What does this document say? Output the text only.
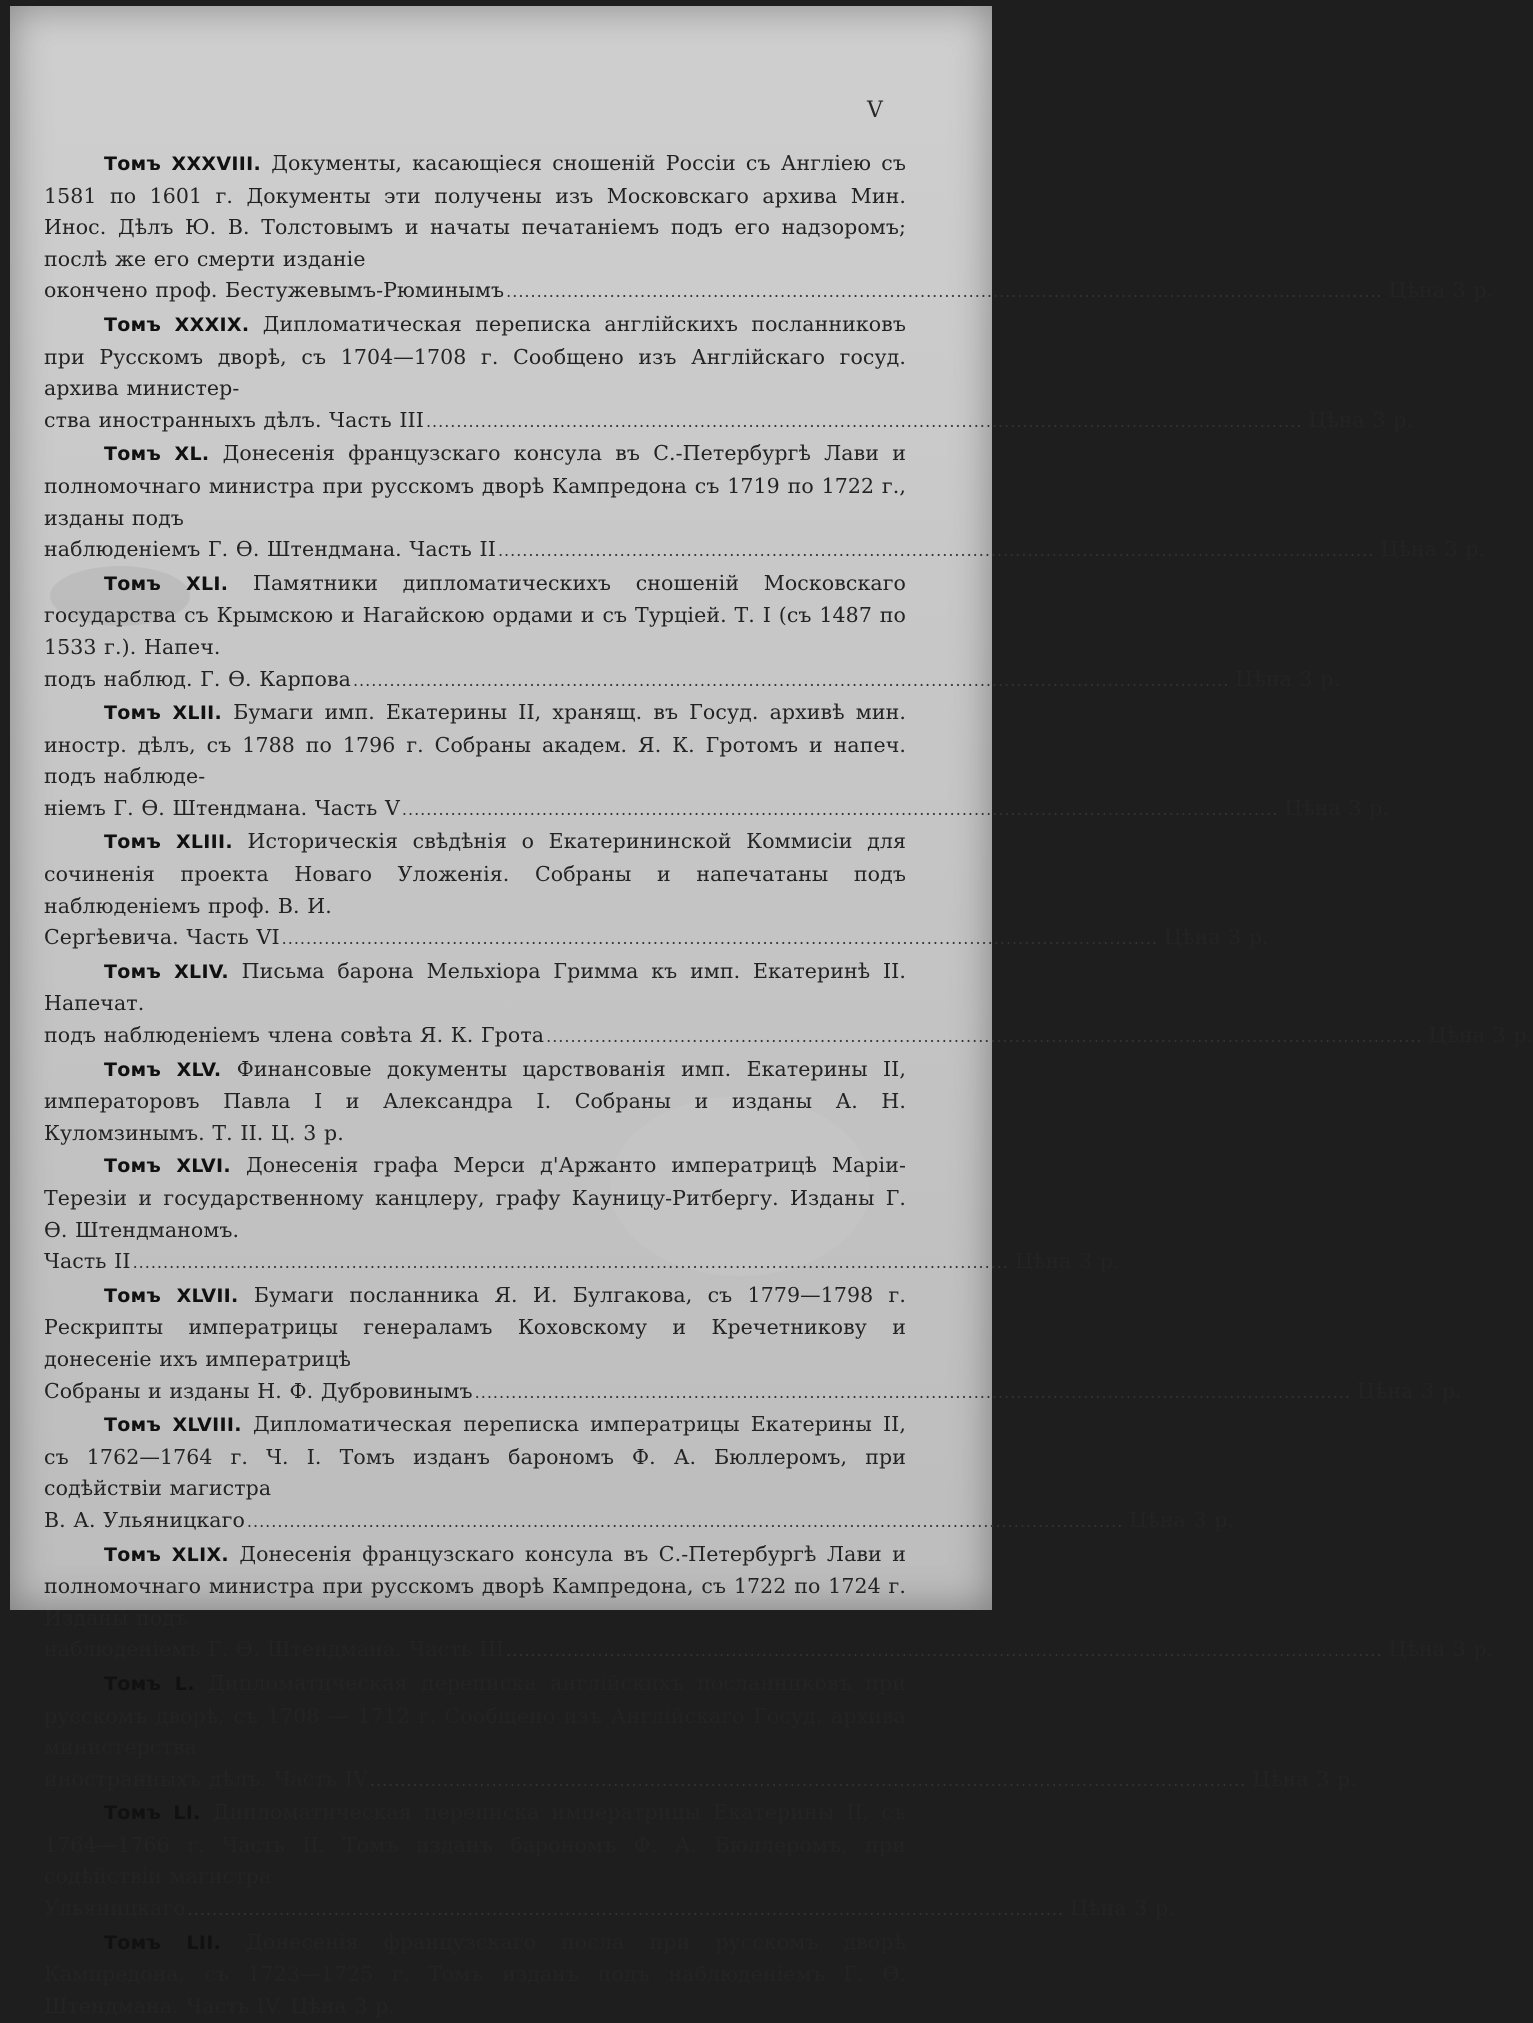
V
Томъ XXXVIII. Документы, касающіеся сношеній Россіи съ Англіею съ 1581 по 1601 г. Документы эти получены изъ Московскаго архива Мин. Инос. Дѣлъ Ю. В. Толстовымъ и начаты печатаніемъ подъ его надзоромъ; послѣ же его смерти изданіе
окончено проф. Бестужевымъ-Рюминымъ ................................................................................................................................................ Цѣна 3 р.
Томъ XXXIX. Дипломатическая переписка англійскихъ посланниковъ при Русскомъ дворѣ, съ 1704—1708 г. Сообщено изъ Англійскаго госуд. архива министер-
ства иностранныхъ дѣлъ. Часть III ................................................................................................................................................ Цѣна 3 р.
Томъ XL. Донесенія французскаго консула въ С.-Петербургѣ Лави и полномочнаго министра при русскомъ дворѣ Кампредона съ 1719 по 1722 г., изданы подъ
наблюденіемъ Г. Ѳ. Штендмана. Часть II ................................................................................................................................................ Цѣна 3 р.
Томъ XLI. Памятники дипломатическихъ сношеній Московскаго государства съ Крымскою и Нагайскою ордами и съ Турціей. Т. I (съ 1487 по 1533 г.). Напеч.
подъ наблюд. Г. Ѳ. Карпова ................................................................................................................................................ Цѣна 3 р.
Томъ XLII. Бумаги имп. Екатерины II, хранящ. въ Госуд. архивѣ мин. иностр. дѣлъ, съ 1788 по 1796 г. Собраны академ. Я. К. Гротомъ и напеч. подъ наблюде-
ніемъ Г. Ѳ. Штендмана. Часть V ................................................................................................................................................ Цѣна 3 р.
Томъ XLIII. Историческія свѣдѣнія о Екатерининской Коммисіи для сочиненія проекта Новаго Уложенія. Собраны и напечатаны подъ наблюденіемъ проф. В. И.
Сергѣевича. Часть VI ................................................................................................................................................ Цѣна 3 р.
Томъ XLIV. Письма барона Мельхіора Гримма къ имп. Екатеринѣ II. Напечат.
подъ наблюденіемъ члена совѣта Я. К. Грота ................................................................................................................................................ Цѣна 3 р.
Томъ XLV. Финансовые документы царствованія имп. Екатерины II, императоровъ Павла I и Александра I. Собраны и изданы А. Н. Куломзинымъ. Т. II. Ц. 3 р.
Томъ XLVI. Донесенія графа Мерси д'Аржанто императрицѣ Маріи-Терезіи и государственному канцлеру, графу Кауницу-Ритбергу. Изданы Г. Ѳ. Штендманомъ.
Часть II ................................................................................................................................................ Цѣна 3 р.
Томъ XLVII. Бумаги посланника Я. И. Булгакова, съ 1779—1798 г. Рескрипты императрицы генераламъ Коховскому и Кречетникову и донесеніе ихъ императрицѣ
Собраны и изданы Н. Ф. Дубровинымъ ................................................................................................................................................ Цѣна 3 р.
Томъ XLVIII. Дипломатическая переписка императрицы Екатерины II, съ 1762—1764 г. Ч. I. Томъ изданъ барономъ Ф. А. Бюллеромъ, при содѣйствіи магистра
В. А. Ульяницкаго ................................................................................................................................................ Цѣна 3 р.
Томъ XLIX. Донесенія французскаго консула въ С.-Петербургѣ Лави и полномочнаго министра при русскомъ дворѣ Кампредона, съ 1722 по 1724 г. Изданы подъ
наблюденіемъ Г. Ѳ. Штендмана. Часть III ................................................................................................................................................ Цѣна 3 р.
Томъ L. Дипломатическая переписка англійскихъ посланниковъ при русскомъ дворѣ, съ 1708 — 1712 г. Сообщено изъ Англійскаго Госуд. архива министерства
иностранныхъ дѣлъ. Часть IV ................................................................................................................................................ Цѣна 3 р.
Томъ LI. Дипломатическая переписка императрицы Екатерины II, съ 1764—1766 г. Часть II. Томъ изданъ барономъ Ф. А. Бюллеромъ, при содѣйствіи магистра
Ульяницкаго ................................................................................................................................................ Цѣна 3 р.
Томъ LII. Донесенія французскаго посла при русскомъ дворѣ Кампредона, съ 1723—1725 г. Томъ изданъ подъ наблюденіемъ Г. Ѳ. Штендмана. Часть IV. Цѣна 3 р.
